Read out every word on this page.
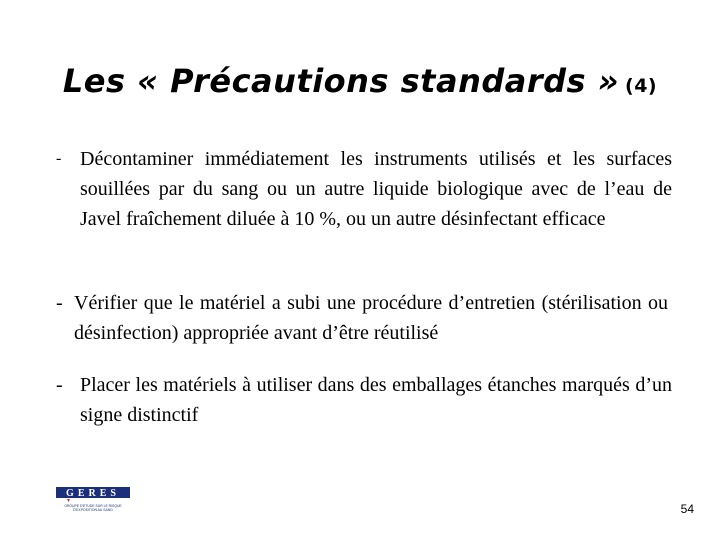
Les « Précautions standards » (4)
- Décontaminer immédiatement les instruments utilisés et les surfaces souillées par du sang ou un autre liquide biologique avec de l’eau de Javel fraîchement diluée à 10 %, ou un autre désinfectant efficace
- Vérifier que le matériel a subi une procédure d’entretien (stérilisation ou désinfection) appropriée avant d’être réutilisé
- Placer les matériels à utiliser dans des emballages étanches marqués d’un signe distinctif
GERES
GROUPE D'ETUDE SUR LE RISQUE
D'EXPOSITION AU SANG	54
